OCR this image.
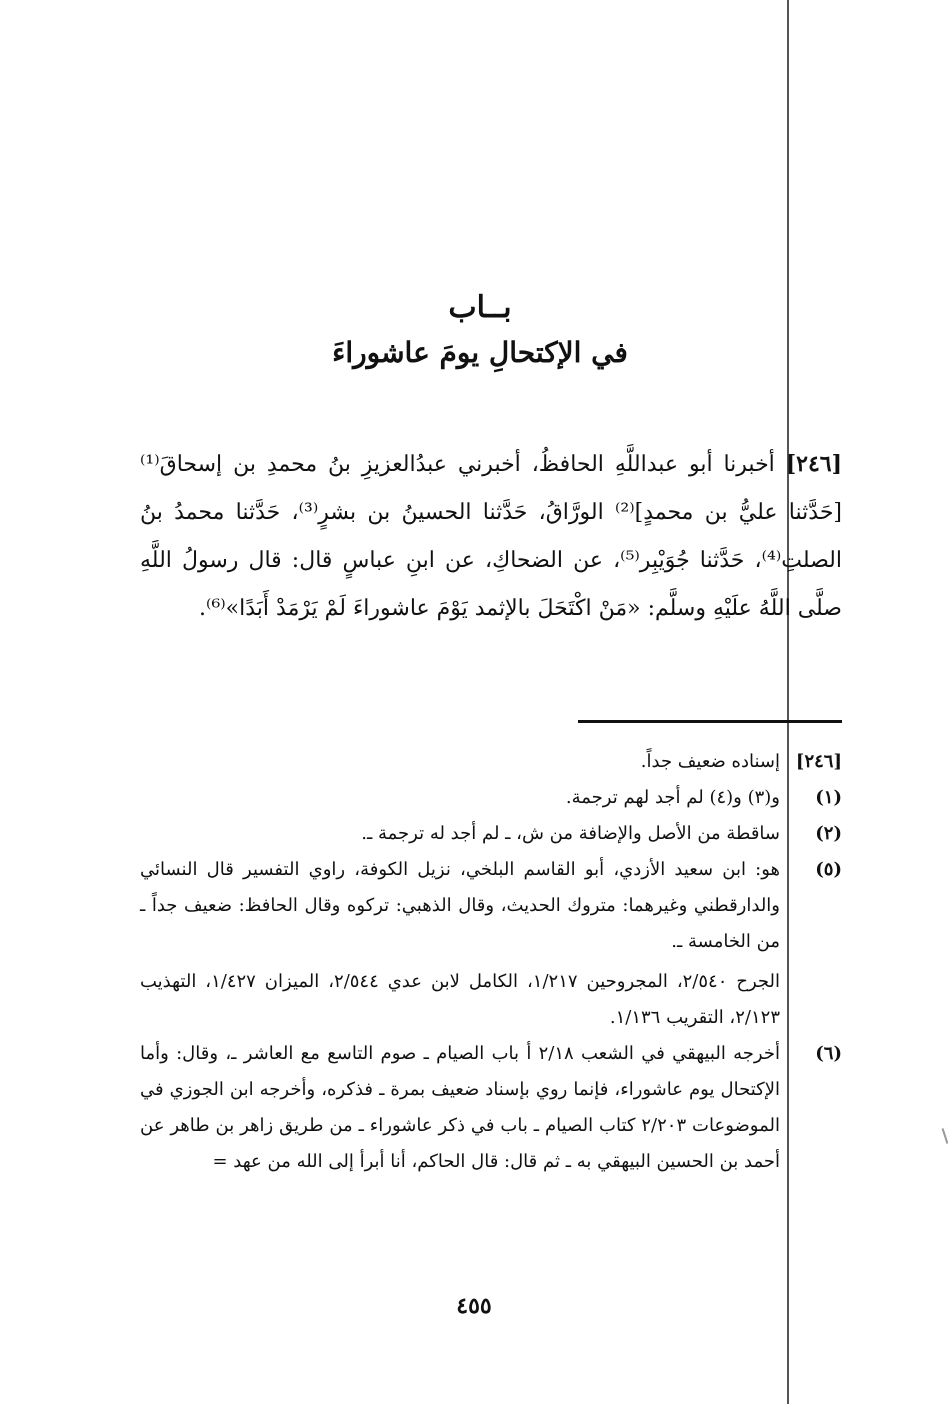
بــاب
في الإكتحالِ يومَ عاشوراءَ
[٢٤٦] أخبرنا أبو عبداللَّهِ الحافظُ، أخبرني عبدُالعزيزِ بنُ محمدِ بن إسحاقَ⁽¹⁾ [حَدَّثنا عليُّ بن محمدٍ]⁽²⁾ الورَّاقُ، حَدَّثنا الحسينُ بن بشرٍ⁽³⁾، حَدَّثنا محمدُ بنُ الصلتِ⁽⁴⁾، حَدَّثنا جُوَيْبِر⁽⁵⁾، عن الضحاكِ، عن ابنِ عباسٍ قال: قال رسولُ اللَّهِ صلَّى اللَّهُ علَيْهِ وسلَّم: «مَنْ اكْتَحَلَ بالإثمد يَوْمَ عاشوراءَ لَمْ يَرْمَدْ أَبَدًا»⁽⁶⁾.
[٢٤٦]

إسناده ضعيف جداً.

(١)

و(٣) و(٤) لم أجد لهم ترجمة.

(٢)

ساقطة من الأصل والإضافة من ش، ـ لم أجد له ترجمة ـ.

(٥)

هو: ابن سعيد الأزدي، أبو القاسم البلخي، نزيل الكوفة، راوي التفسير قال النسائي والدارقطني وغيرهما: متروك الحديث، وقال الذهبي: تركوه وقال الحافظ: ضعيف جداً ـ من الخامسة ـ.

الجرح ٢/٥٤٠، المجروحين ١/٢١٧، الكامل لابن عدي ٢/٥٤٤، الميزان ١/٤٢٧، التهذيب ٢/١٢٣، التقريب ١/١٣٦.

(٦)

أخرجه البيهقي في الشعب ٢/١٨ أ باب الصيام ـ صوم التاسع مع العاشر ـ، وقال: وأما الإكتحال يوم عاشوراء، فإنما روي بإسناد ضعيف بمرة ـ فذكره، وأخرجه ابن الجوزي في الموضوعات ٢/٢٠٣ كتاب الصيام ـ باب في ذكر عاشوراء ـ من طريق زاهر بن طاهر عن أحمد بن الحسين البيهقي به ـ ثم قال: قال الحاكم، أنا أبرأ إلى الله من عهد =

٤٥٥
